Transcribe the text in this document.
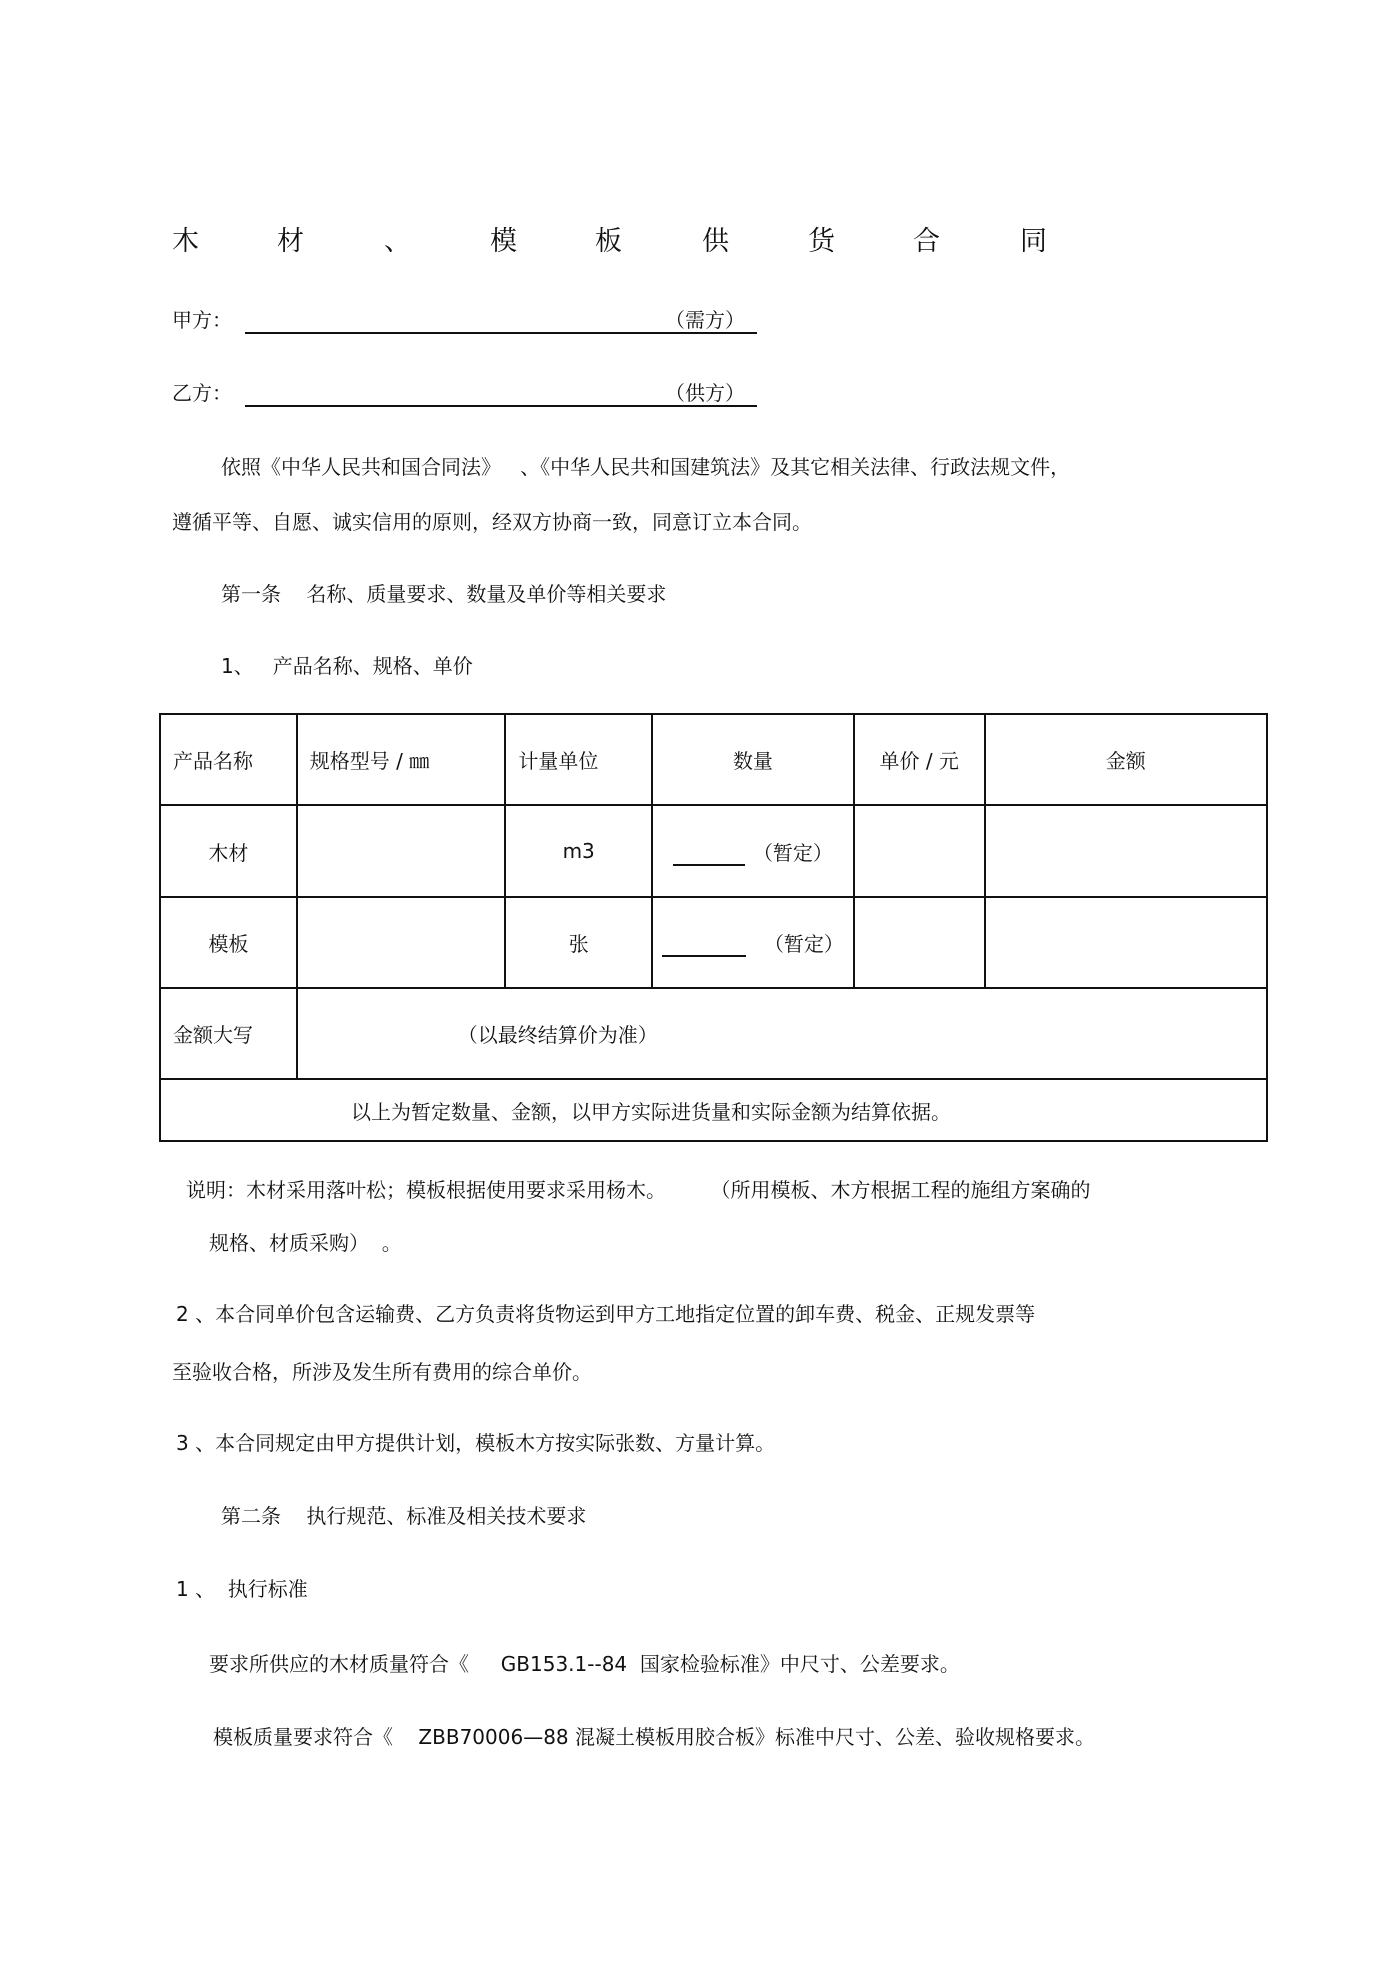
木	材	、	模	板	供	货	合	同
甲方：	（需方）
乙方：	（供方）
依照《中华人民共和国合同法》   、《中华人民共和国建筑法》及其它相关法律、行政法规文件，
遵循平等、自愿、诚实信用的原则，经双方协商一致，同意订立本合同。
第一条    名称、质量要求、数量及单价等相关要求
1、   产品名称、规格、单价
产品名称	规格型号 / ㎜	计量单位	数量	单价 / 元	金额
木材		m3	（暂定）		
模板		张	（暂定）		
金额大写	（以最终结算价为准）				
以上为暂定数量、金额，以甲方实际进货量和实际金额为结算依据。					
说明：木材采用落叶松；模板根据使用要求采用杨木。       （所用模板、木方根据工程的施组方案确的
规格、材质采购）  。
2 、本合同单价包含运输费、乙方负责将货物运到甲方工地指定位置的卸车费、税金、正规发票等
至验收合格，所涉及发生所有费用的综合单价。
3 、本合同规定由甲方提供计划，模板木方按实际张数、方量计算。
第二条    执行规范、标准及相关技术要求
1 、  执行标准
要求所供应的木材质量符合《     GB153.1--84  国家检验标准》中尺寸、公差要求。
模板质量要求符合《    ZBB70006—88 混凝土模板用胶合板》标准中尺寸、公差、验收规格要求。
